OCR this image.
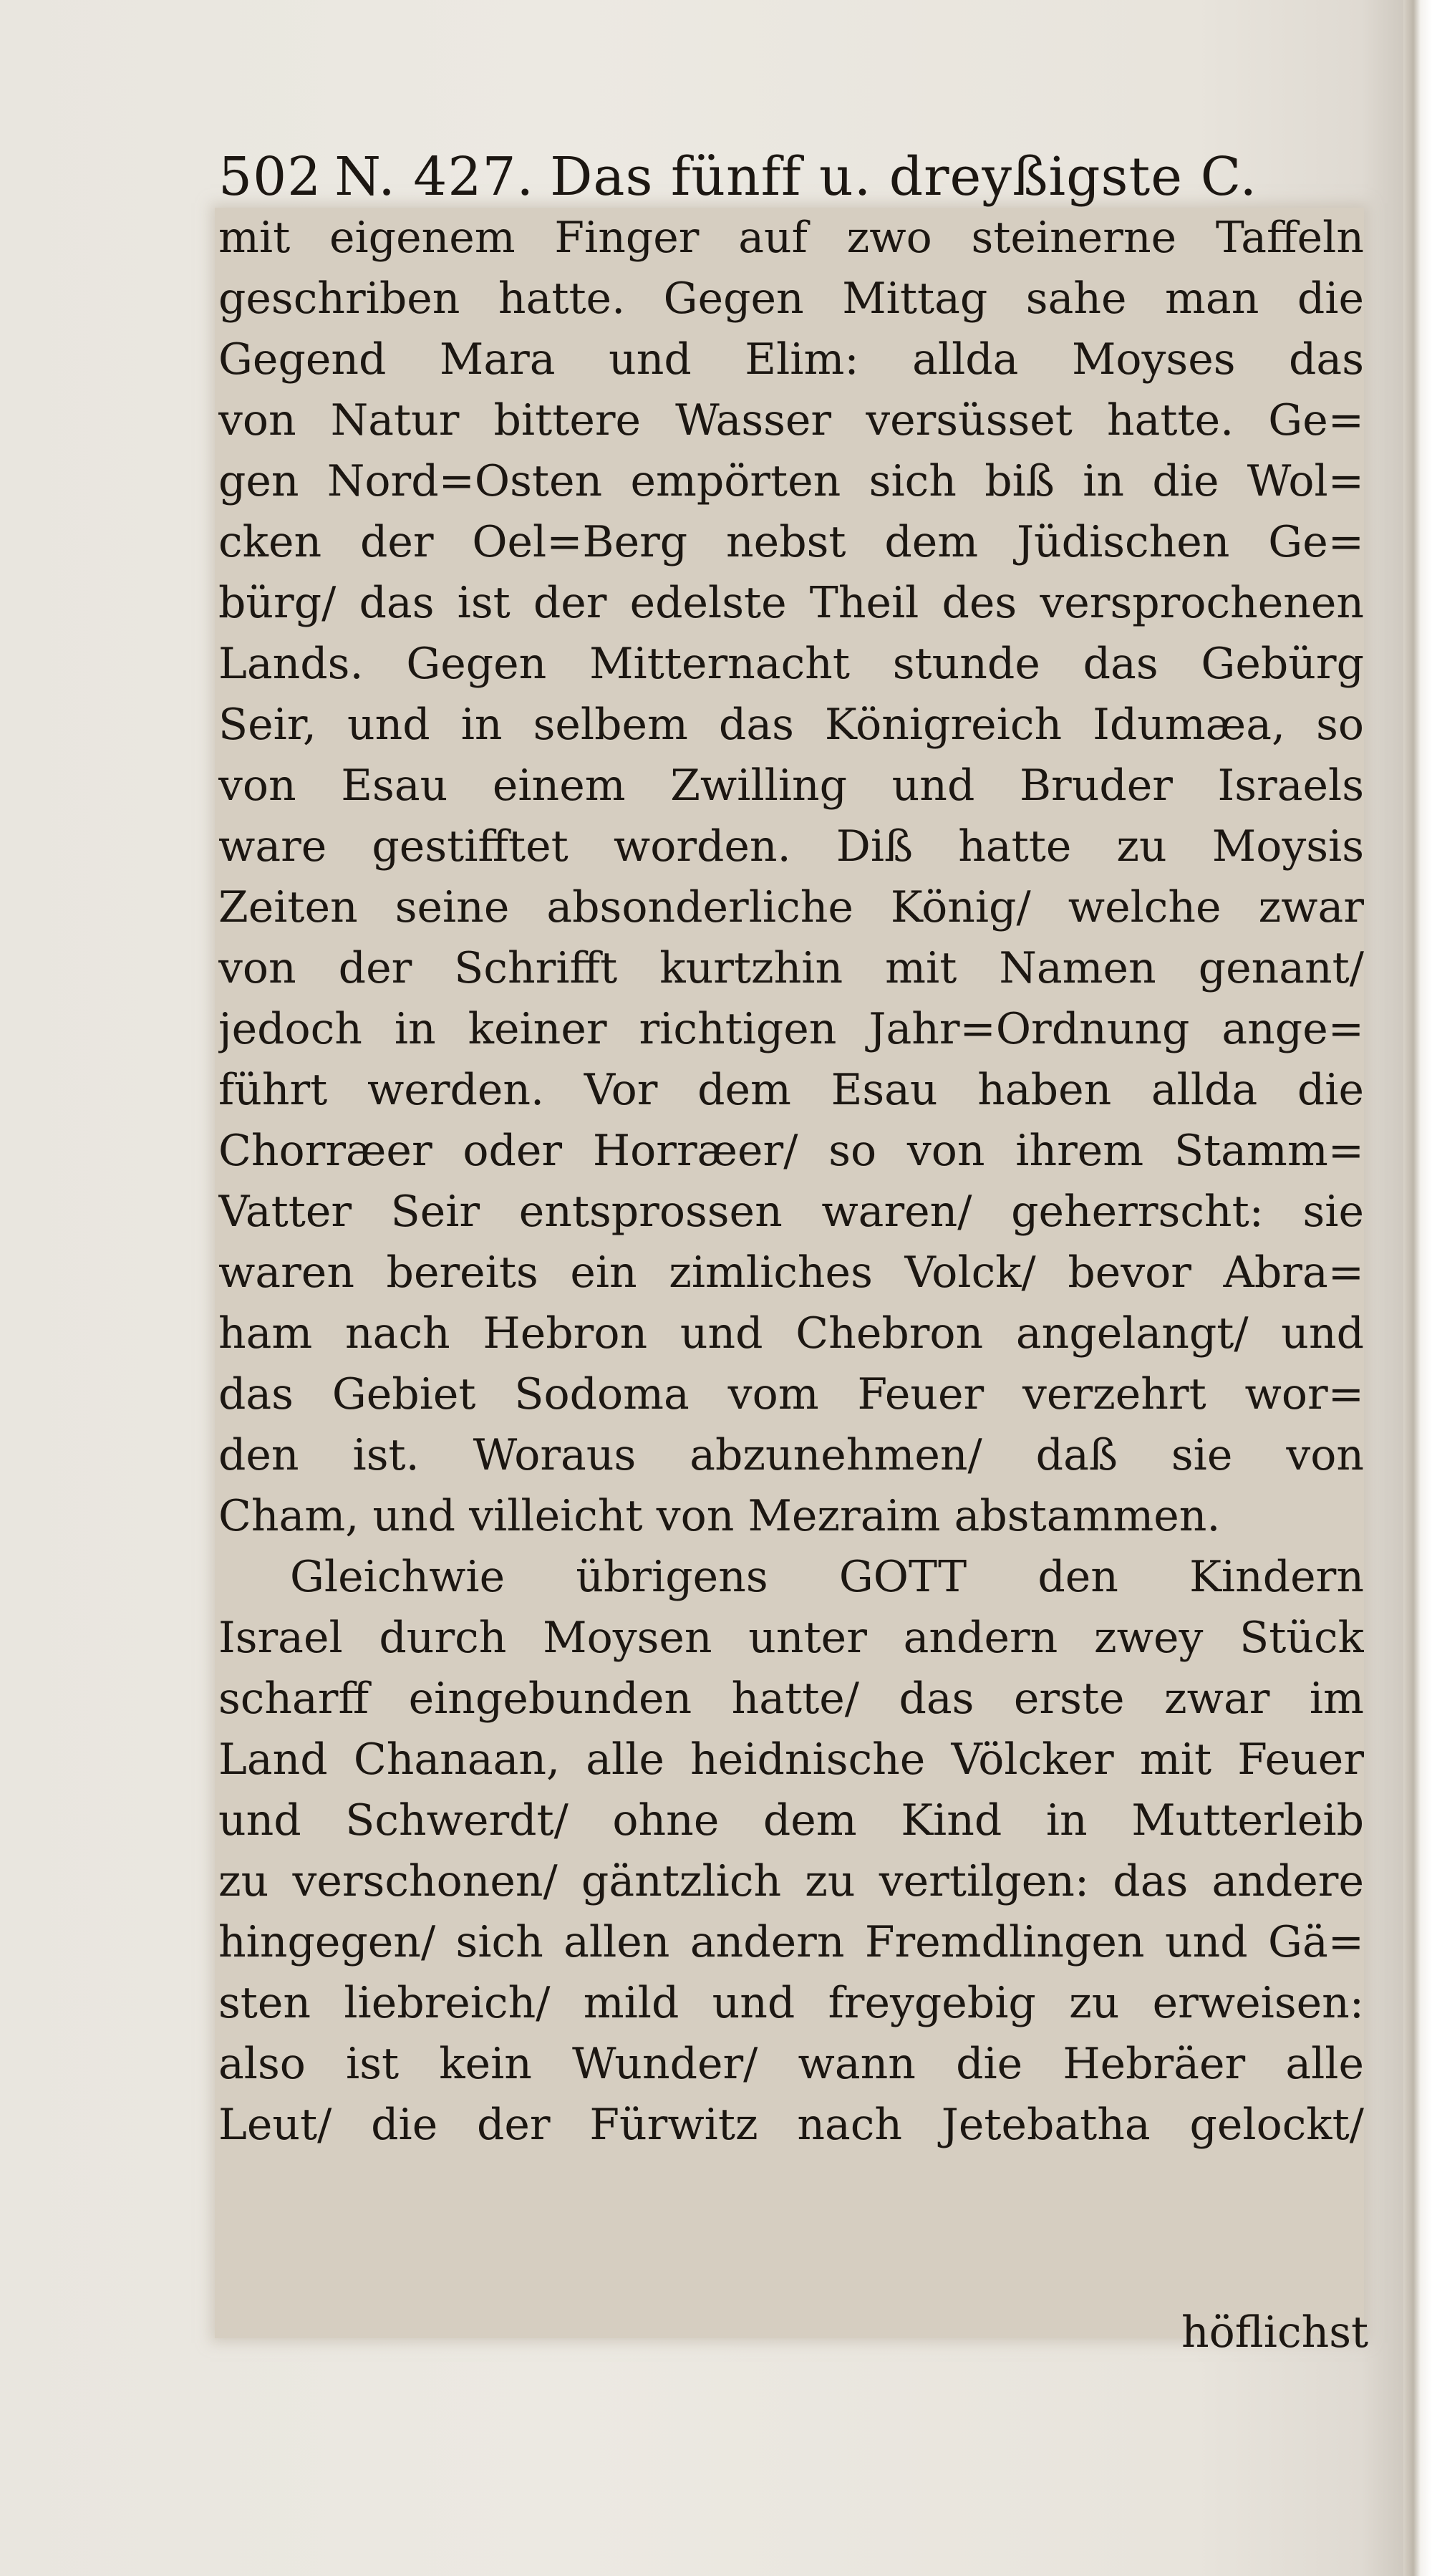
502 N. 427. Das fünff u. dreyßigste C.
mit eigenem Finger auf zwo steinerne Taffeln
geschriben hatte. Gegen Mittag sahe man die
Gegend Mara und Elim: allda Moyses das
von Natur bittere Wasser versüsset hatte. Ge=
gen Nord=Osten empörten sich biß in die Wol=
cken der Oel=Berg nebst dem Jüdischen Ge=
bürg/ das ist der edelste Theil des versprochenen
Lands. Gegen Mitternacht stunde das Gebürg
Seir, und in selbem das Königreich Idumæa, so
von Esau einem Zwilling und Bruder Israels
ware gestifftet worden. Diß hatte zu Moysis
Zeiten seine absonderliche König/ welche zwar
von der Schrifft kurtzhin mit Namen genant/
jedoch in keiner richtigen Jahr=Ordnung ange=
führt werden. Vor dem Esau haben allda die
Chorræer oder Horræer/ so von ihrem Stamm=
Vatter Seir entsprossen waren/ geherrscht: sie
waren bereits ein zimliches Volck/ bevor Abra=
ham nach Hebron und Chebron angelangt/ und
das Gebiet Sodoma vom Feuer verzehrt wor=
den ist. Woraus abzunehmen/ daß sie von
Cham, und villeicht von Mezraim abstammen.
Gleichwie übrigens GOTT den Kindern
Israel durch Moysen unter andern zwey Stück
scharff eingebunden hatte/ das erste zwar im
Land Chanaan, alle heidnische Völcker mit Feuer
und Schwerdt/ ohne dem Kind in Mutterleib
zu verschonen/ gäntzlich zu vertilgen: das andere
hingegen/ sich allen andern Fremdlingen und Gä=
sten liebreich/ mild und freygebig zu erweisen:
also ist kein Wunder/ wann die Hebräer alle
Leut/ die der Fürwitz nach Jetebatha gelockt/
höflichst
